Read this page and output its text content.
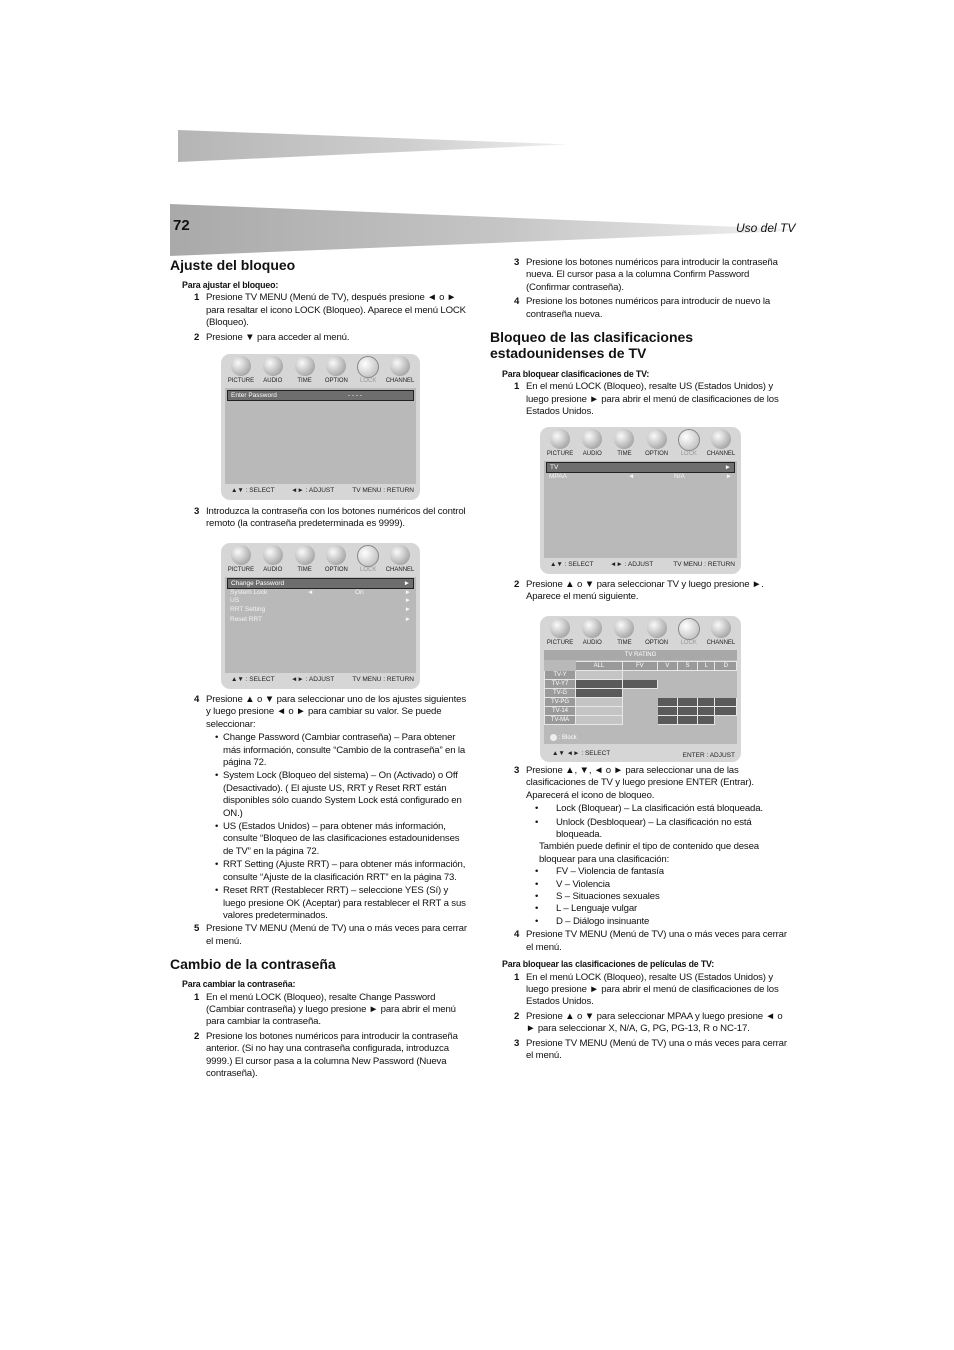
72	Uso del TV
Ajuste del bloqueo
Para ajustar el bloqueo:
1 Presione TV MENU (Menú de TV), después presione ◄ o ► para resaltar el icono LOCK (Bloqueo). Aparece el menú LOCK (Bloqueo).
2 Presione ▼ para acceder al menú.
PICTURE	AUDIO	TIME	OPTION	LOCK	CHANNEL
Enter Password	- - - -
▲▼ : SELECT	◄► : ADJUST	TV MENU : RETURN
3 Introduzca la contraseña con los botones numéricos del control remoto (la contraseña predeterminada es 9999).
PICTURE	AUDIO	TIME	OPTION	LOCK	CHANNEL
Change Password	►
System Lock	◄	On	►
US	►
RRT Setting	►
Reset RRT	►
▲▼ : SELECT	◄► : ADJUST	TV MENU : RETURN
4 Presione ▲ o ▼ para seleccionar uno de los ajustes siguientes y luego presione ◄ o ► para cambiar su valor. Se puede seleccionar:
• Change Password (Cambiar contraseña) – Para obtener más información, consulte “Cambio de la contraseña” en la página 72.
• System Lock (Bloqueo del sistema) – On (Activado) o Off (Desactivado). ( El ajuste US, RRT y Reset RRT están disponibles sólo cuando System Lock está configurado en ON.)
• US (Estados Unidos) – para obtener más información, consulte “Bloqueo de las clasificaciones estadounidenses de TV” en la página 72.
• RRT Setting (Ajuste RRT) – para obtener más información, consulte “Ajuste de la clasificación RRT” en la página 73.
• Reset RRT (Restablecer RRT) – seleccione YES (Sí) y luego presione OK (Aceptar) para restablecer el RRT a sus valores predeterminados.
5 Presione TV MENU (Menú de TV) una o más veces para cerrar el menú.
Cambio de la contraseña
Para cambiar la contraseña:
1 En el menú LOCK (Bloqueo), resalte Change Password (Cambiar contraseña) y luego presione ► para abrir el menú para cambiar la contraseña.
2 Presione los botones numéricos para introducir la contraseña anterior. (Si no hay una contraseña configurada, introduzca 9999.) El cursor pasa a la columna New Password (Nueva contraseña).
3 Presione los botones numéricos para introducir la contraseña nueva. El cursor pasa a la columna Confirm Password (Confirmar contraseña).
4 Presione los botones numéricos para introducir de nuevo la contraseña nueva.
Bloqueo de las clasificaciones estadounidenses de TV
Para bloquear clasificaciones de TV:
1 En el menú LOCK (Bloqueo), resalte US (Estados Unidos) y luego presione ► para abrir el menú de clasificaciones de los Estados Unidos.
PICTURE	AUDIO	TIME	OPTION	LOCK	CHANNEL
TV	►
MPAA	◄	N/A	►
▲▼ : SELECT	◄► : ADJUST	TV MENU : RETURN
2 Presione ▲ o ▼ para seleccionar TV y luego presione ►. Aparece el menú siguiente.
PICTURE	AUDIO	TIME	OPTION	LOCK	CHANNEL
TV RATING
	ALL	FV	V	S	L	D
TV-Y						
TV-Y7						
TV-G						
TV-PG						
TV-14						
TV-MA						
: Block
▲▼ ◄► : SELECT	ENTER : ADJUST
3 Presione ▲, ▼, ◄ o ► para seleccionar una de las clasificaciones de TV y luego presione ENTER (Entrar). Aparecerá el icono de bloqueo.
• Lock (Bloquear) – La clasificación está bloqueada.
• Unlock (Desbloquear) – La clasificación no está bloqueada.
También puede definir el tipo de contenido que desea bloquear para una clasificación:
• FV – Violencia de fantasía
• V – Violencia
• S – Situaciones sexuales
• L – Lenguaje vulgar
• D – Diálogo insinuante
4 Presione TV MENU (Menú de TV) una o más veces para cerrar el menú.
Para bloquear las clasificaciones de películas de TV:
1 En el menú LOCK (Bloqueo), resalte US (Estados Unidos) y luego presione ► para abrir el menú de clasificaciones de los Estados Unidos.
2 Presione ▲ o ▼ para seleccionar MPAA y luego presione ◄ o ► para seleccionar X, N/A, G, PG, PG-13, R o NC-17.
3 Presione TV MENU (Menú de TV) una o más veces para cerrar el menú.
